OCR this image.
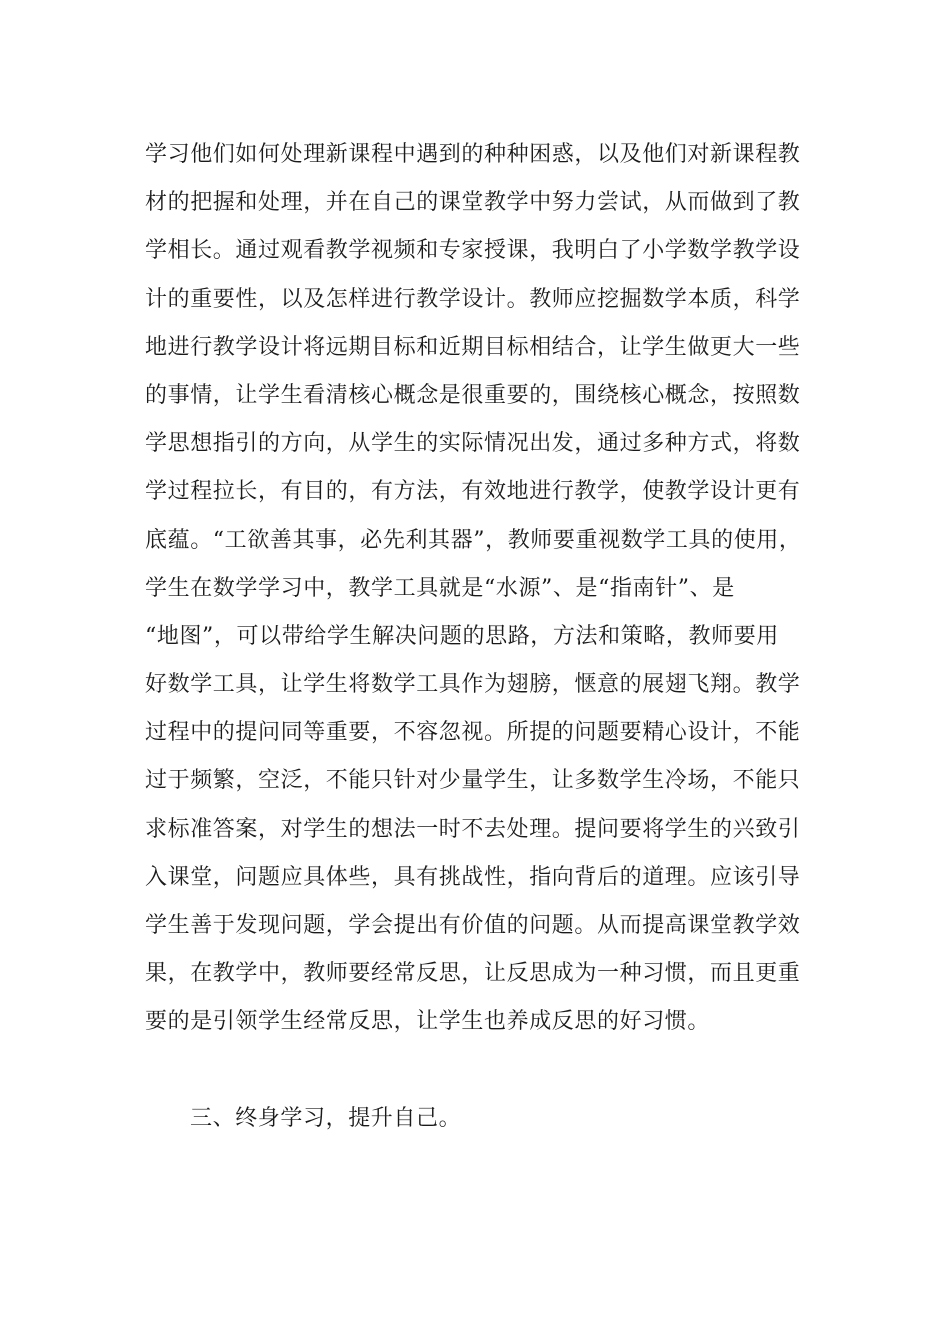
学习他们如何处理新课程中遇到的种种困惑，以及他们对新课程教
材的把握和处理，并在自己的课堂教学中努力尝试，从而做到了教
学相长。通过观看教学视频和专家授课，我明白了小学数学教学设
计的重要性，以及怎样进行教学设计。教师应挖掘数学本质，科学
地进行教学设计将远期目标和近期目标相结合，让学生做更大一些
的事情，让学生看清核心概念是很重要的，围绕核心概念，按照数
学思想指引的方向，从学生的实际情况出发，通过多种方式，将数
学过程拉长，有目的，有方法，有效地进行教学，使教学设计更有
底蕴。“工欲善其事，必先利其器”，教师要重视数学工具的使用，
学生在数学学习中，教学工具就是“水源”、是“指南针”、是
“地图”，可以带给学生解决问题的思路，方法和策略，教师要用
好数学工具，让学生将数学工具作为翅膀，惬意的展翅飞翔。教学
过程中的提问同等重要，不容忽视。所提的问题要精心设计，不能
过于频繁，空泛，不能只针对少量学生，让多数学生冷场，不能只
求标准答案，对学生的想法一时不去处理。提问要将学生的兴致引
入课堂，问题应具体些，具有挑战性，指向背后的道理。应该引导
学生善于发现问题，学会提出有价值的问题。从而提高课堂教学效
果，在教学中，教师要经常反思，让反思成为一种习惯，而且更重
要的是引领学生经常反思，让学生也养成反思的好习惯。
三、终身学习，提升自己。
